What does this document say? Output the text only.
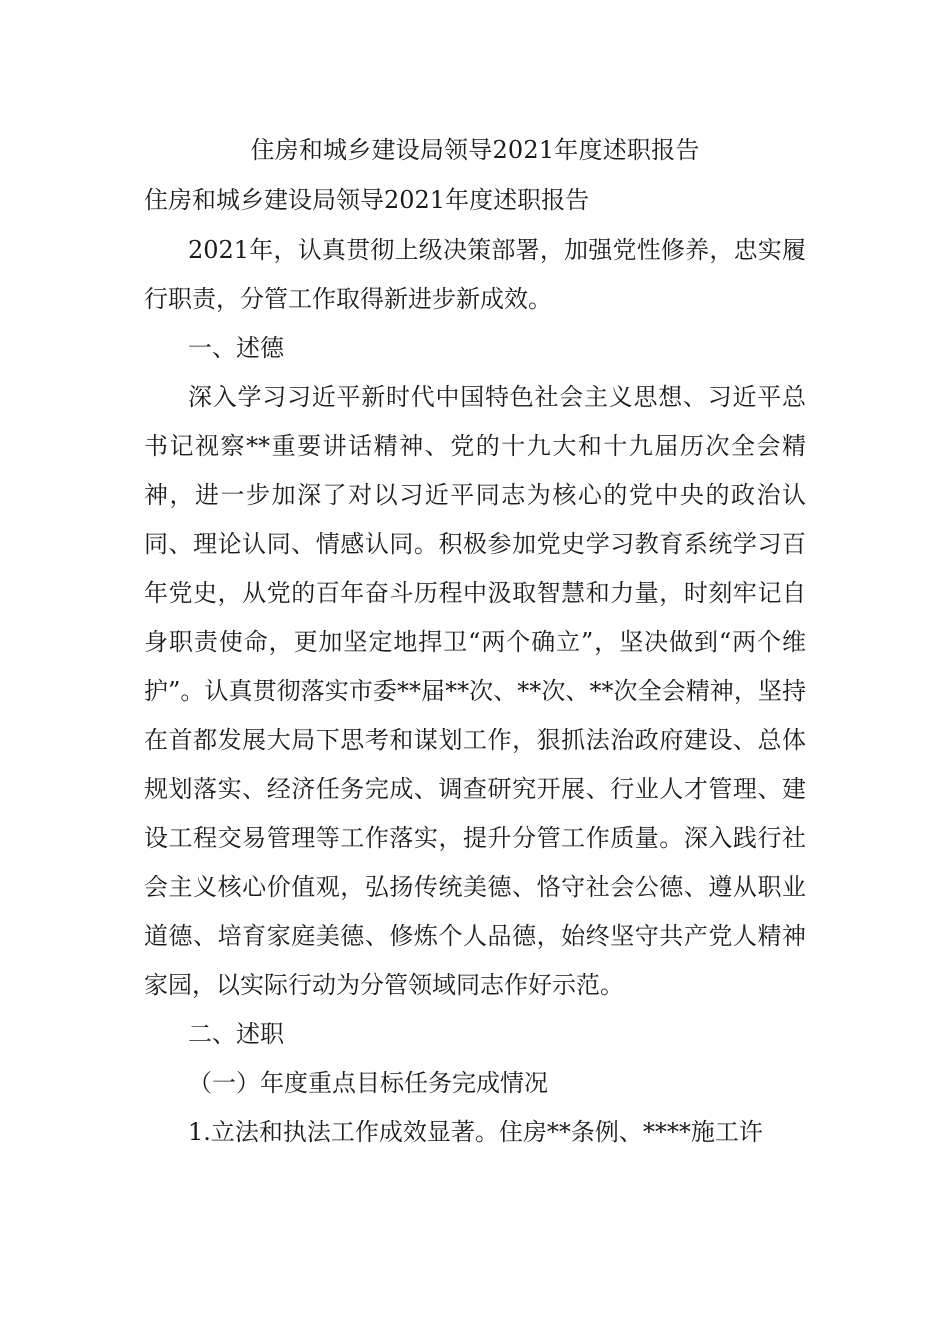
住房和城乡建设局领导2021年度述职报告
住房和城乡建设局领导2021年度述职报告

2021年，认真贯彻上级决策部署，加强党性修养，忠实履行职责，分管工作取得新进步新成效。

一、述德

深入学习习近平新时代中国特色社会主义思想、习近平总书记视察**重要讲话精神、党的十九大和十九届历次全会精神，进一步加深了对以习近平同志为核心的党中央的政治认同、理论认同、情感认同。积极参加党史学习教育系统学习百年党史，从党的百年奋斗历程中汲取智慧和力量，时刻牢记自身职责使命，更加坚定地捍卫“两个确立”，坚决做到“两个维护”。认真贯彻落实市委**届**次、**次、**次全会精神，坚持在首都发展大局下思考和谋划工作，狠抓法治政府建设、总体规划落实、经济任务完成、调查研究开展、行业人才管理、建设工程交易管理等工作落实，提升分管工作质量。深入践行社会主义核心价值观，弘扬传统美德、恪守社会公德、遵从职业道德、培育家庭美德、修炼个人品德，始终坚守共产党人精神家园，以实际行动为分管领域同志作好示范。

二、述职

（一）年度重点目标任务完成情况

1.立法和执法工作成效显著。住房**条例、****施工许
